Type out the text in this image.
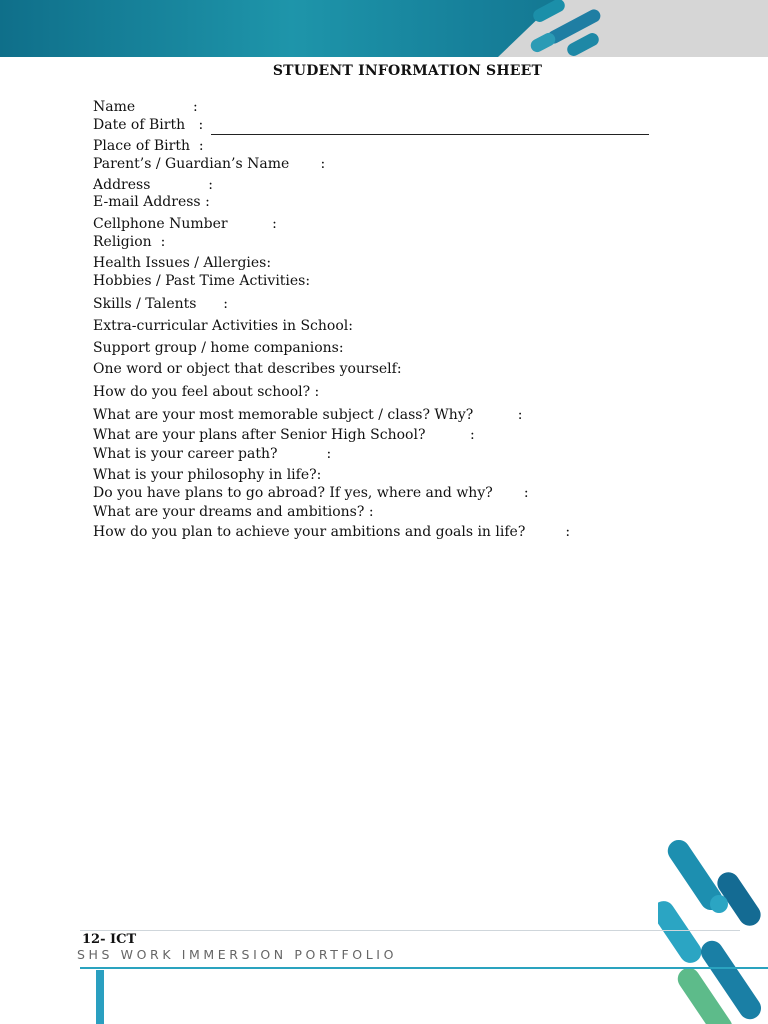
STUDENT INFORMATION SHEET
Name             :
Date of Birth   :
Place of Birth  :
Parent’s / Guardian’s Name       :
Address             :
E-mail Address :
Cellphone Number          :
Religion  :
Health Issues / Allergies:
Hobbies / Past Time Activities:
Skills / Talents      :
Extra-curricular Activities in School:
Support group / home companions:
One word or object that describes yourself:
How do you feel about school? :
What are your most memorable subject / class? Why?          :
What are your plans after Senior High School?          :
What is your career path?           :
What is your philosophy in life?:
Do you have plans to go abroad? If yes, where and why?       :
What are your dreams and ambitions? :
How do you plan to achieve your ambitions and goals in life?         :
12- ICT
SHS WORK IMMERSION PORTFOLIO
